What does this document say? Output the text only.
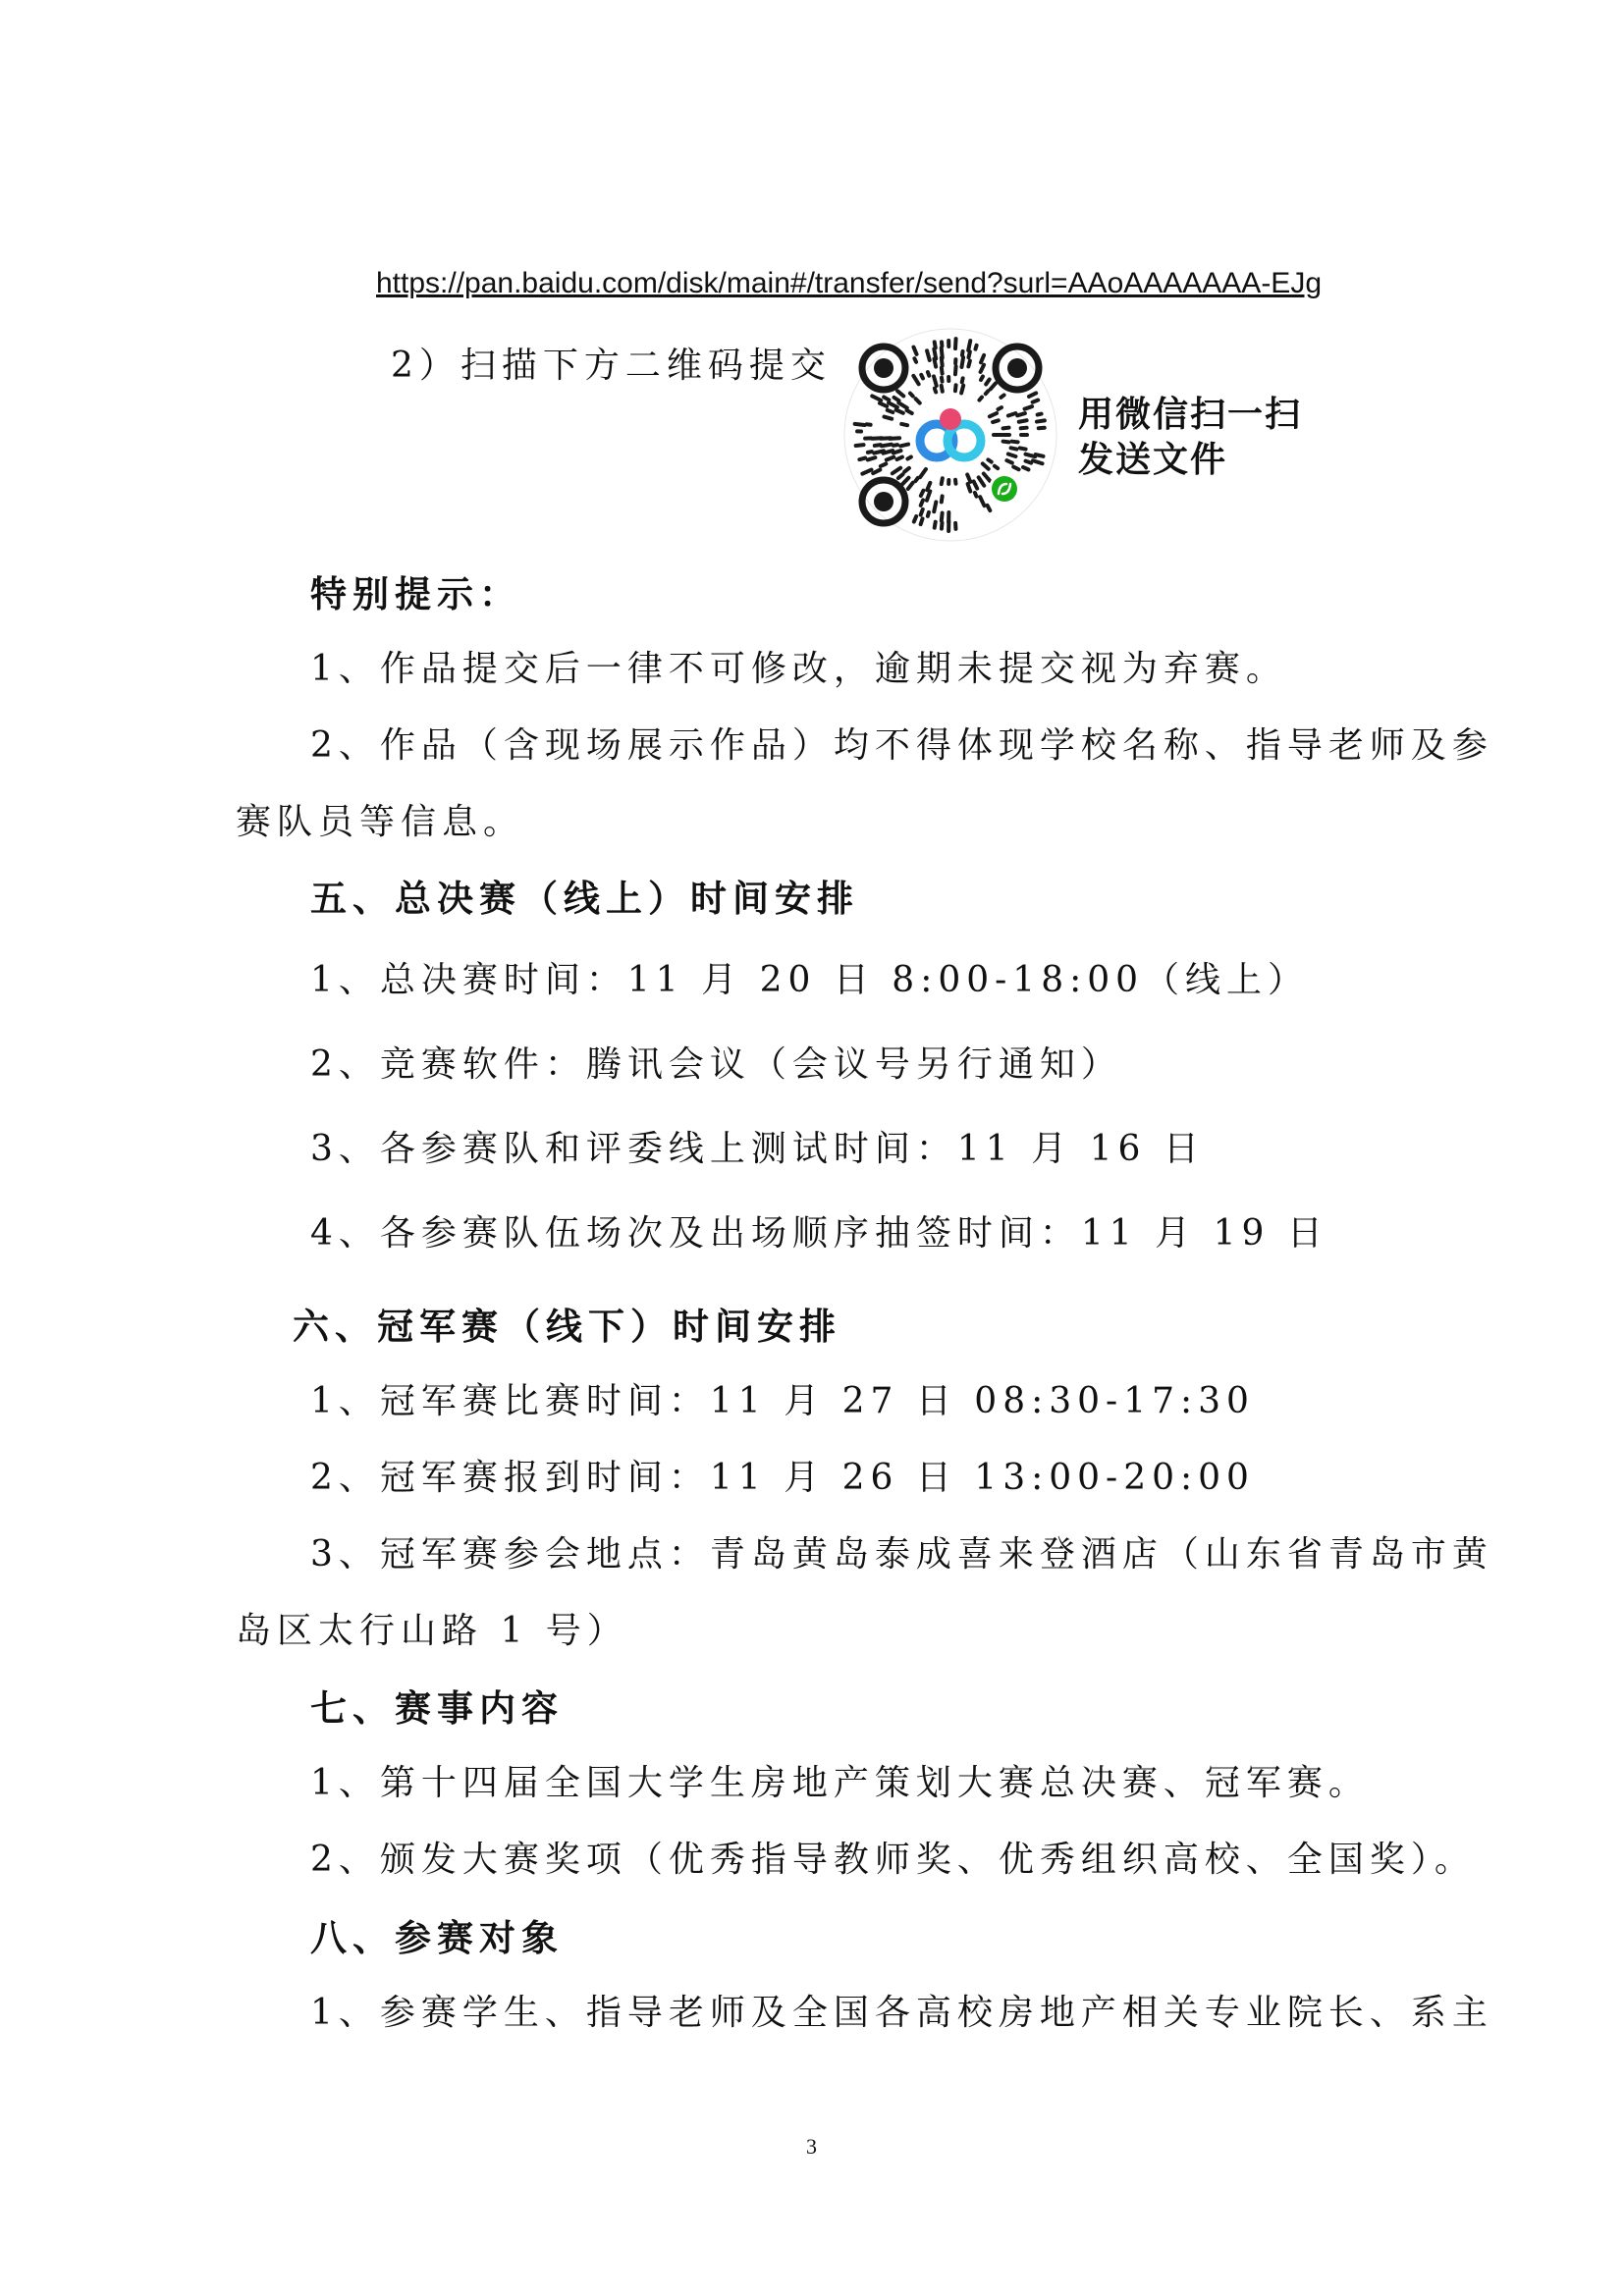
https://pan.baidu.com/disk/main#/transfer/send?surl=AAoAAAAAAA-EJg
2）扫描下方二维码提交
用微信扫一扫
发送文件
特别提示：
1、作品提交后一律不可修改，逾期未提交视为弃赛。
2、作品（含现场展示作品）均不得体现学校名称、指导老师及参
赛队员等信息。
五、总决赛（线上）时间安排
1、总决赛时间：11 月 20 日 8:00-18:00（线上）
2、竞赛软件：腾讯会议（会议号另行通知）
3、各参赛队和评委线上测试时间：11 月 16 日
4、各参赛队伍场次及出场顺序抽签时间：11 月 19 日
六、冠军赛（线下）时间安排
1、冠军赛比赛时间：11 月 27 日 08:30-17:30
2、冠军赛报到时间：11 月 26 日 13:00-20:00
3、冠军赛参会地点：青岛黄岛泰成喜来登酒店（山东省青岛市黄
岛区太行山路 1 号）
七、赛事内容
1、第十四届全国大学生房地产策划大赛总决赛、冠军赛。
2、颁发大赛奖项（优秀指导教师奖、优秀组织高校、全国奖）。
八、参赛对象
1、参赛学生、指导老师及全国各高校房地产相关专业院长、系主
3
